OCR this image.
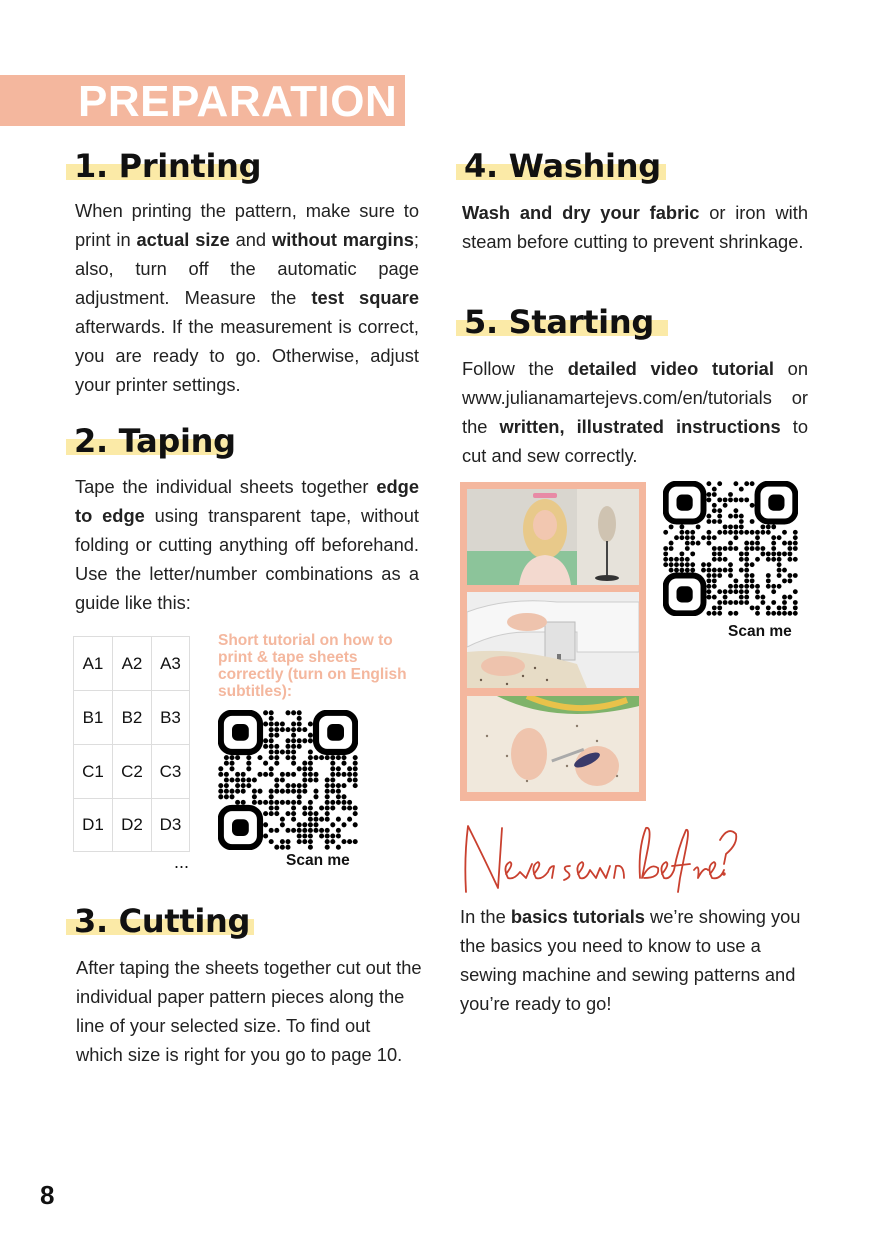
PREPARATION
1. Printing
When printing the pattern, make sure to print in actual size and without margins; also, turn off the automatic page adjustment. Measure the test square afterwards. If the measurement is correct, you are ready to go. Otherwise, adjust your printer settings.
2. Taping
Tape the individual sheets together edge to edge using transparent tape, without folding or cutting anything off beforehand. Use the letter/number combinations as a guide like this:
A1	A2	A3
B1	B2	B3
C1	C2 C3
D1	D2 D3
...
Short tutorial on how to print & tape sheets correctly (turn on English subtitles):
Scan me
3. Cutting
After taping the sheets together cut out the individual paper pattern pieces along the line of your selected size. To find out which size is right for you go to page 10.
4. Washing
Wash and dry your fabric or iron with steam before cutting to prevent shrinkage.
5. Starting
Follow the detailed video tutorial on www.julianamartejevs.com/en/tutorials or the written, illustrated instructions to cut and sew correctly.
Scan me
In the basics tutorials we’re showing you the basics you need to know to use a sewing machine and sewing patterns and you’re ready to go!
8
